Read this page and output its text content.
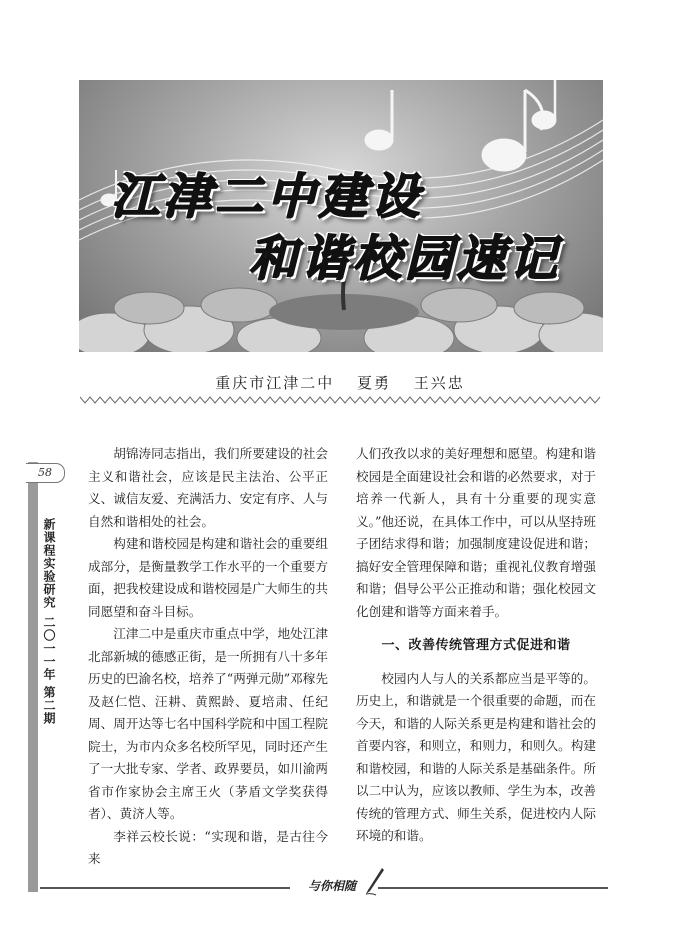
江津二中建设
和谐校园速记
重庆市江津二中 夏勇 王兴忠
58
新课程实验研究
二〇一一年 第二期

胡锦涛同志指出，我们所要建设的社会主义和谐社会，应该是民主法治、公平正义、诚信友爱、充满活力、安定有序、人与自然和谐相处的社会。

构建和谐校园是构建和谐社会的重要组成部分，是衡量教学工作水平的一个重要方面，把我校建设成和谐校园是广大师生的共同愿望和奋斗目标。

江津二中是重庆市重点中学，地处江津北部新城的德感正街，是一所拥有八十多年历史的巴渝名校，培养了“两弹元勋”邓稼先及赵仁恺、汪耕、黄熙龄、夏培肃、任纪周、周开达等七名中国科学院和中国工程院院士，为市内众多名校所罕见，同时还产生了一大批专家、学者、政界要员，如川渝两省市作家协会主席王火（茅盾文学奖获得者）、黄济人等。

李祥云校长说：“实现和谐，是古往今来

人们孜孜以求的美好理想和愿望。构建和谐校园是全面建设社会和谐的必然要求，对于培养一代新人，具有十分重要的现实意义。”他还说，在具体工作中，可以从坚持班子团结求得和谐；加强制度建设促进和谐；搞好安全管理保障和谐；重视礼仪教育增强和谐；倡导公平公正推动和谐；强化校园文化创建和谐等方面来着手。

一、改善传统管理方式促进和谐

校园内人与人的关系都应当是平等的。历史上，和谐就是一个很重要的命题，而在今天，和谐的人际关系更是构建和谐社会的首要内容，和则立，和则力，和则久。构建和谐校园，和谐的人际关系是基础条件。所以二中认为，应该以教师、学生为本，改善传统的管理方式、师生关系，促进校内人际环境的和谐。

与你相随
